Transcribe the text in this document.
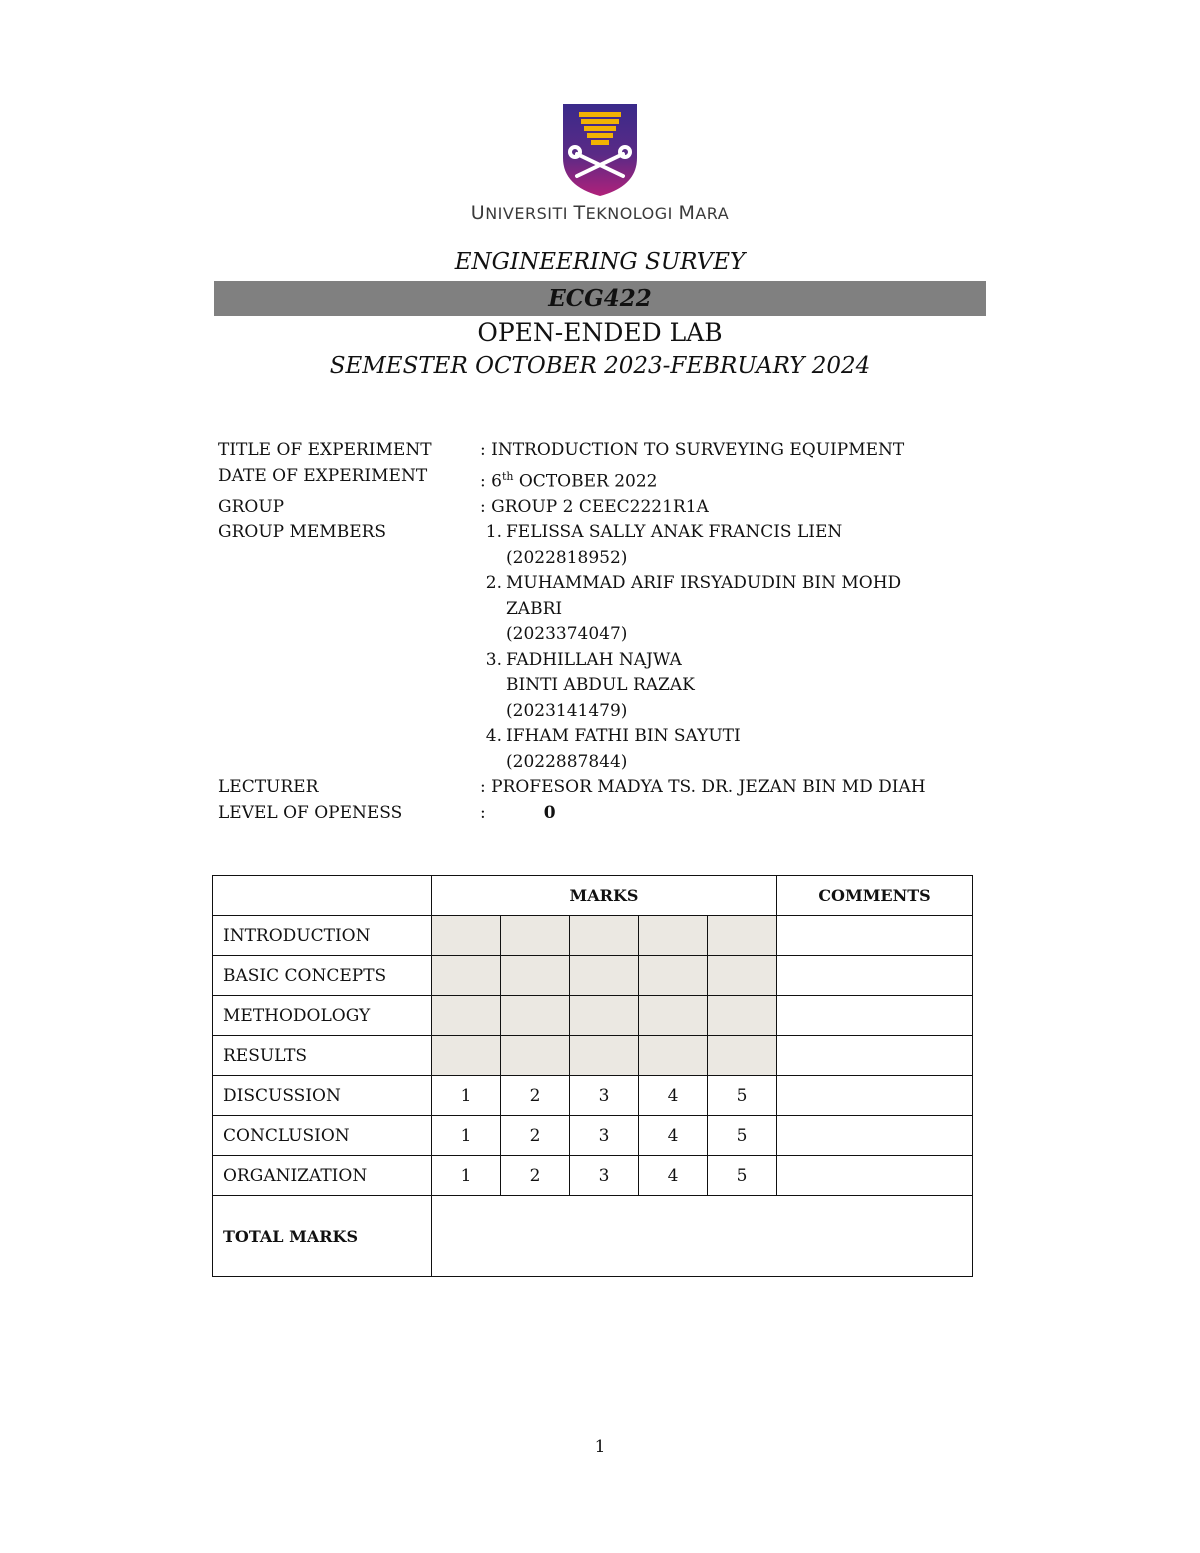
UNIVERSITI TEKNOLOGI MARA
ENGINEERING SURVEY
ECG422
OPEN-ENDED LAB
SEMESTER OCTOBER 2023-FEBRUARY 2024
TITLE OF EXPERIMENT	: INTRODUCTION TO SURVEYING EQUIPMENT
DATE OF EXPERIMENT	: 6th OCTOBER 2022
GROUP	: GROUP 2 CEEC2221R1A
GROUP MEMBERS	1. FELISSA SALLY ANAK FRANCIS LIEN
(2022818952)
2. MUHAMMAD ARIF IRSYADUDIN BIN MOHD
ZABRI
(2023374047)
3. FADHILLAH NAJWA
BINTI ABDUL RAZAK
(2023141479)
4. IFHAM FATHI BIN SAYUTI
(2022887844)
LECTURER	: PROFESOR MADYA TS. DR. JEZAN BIN MD DIAH
LEVEL OF OPENESS	:	0
	MARKS					COMMENTS
INTRODUCTION						
BASIC CONCEPTS						
METHODOLOGY						
RESULTS						
DISCUSSION	1	2	3	4	5	
CONCLUSION	1	2	3	4	5	
ORGANIZATION	1	2	3	4	5	
TOTAL MARKS						
1
